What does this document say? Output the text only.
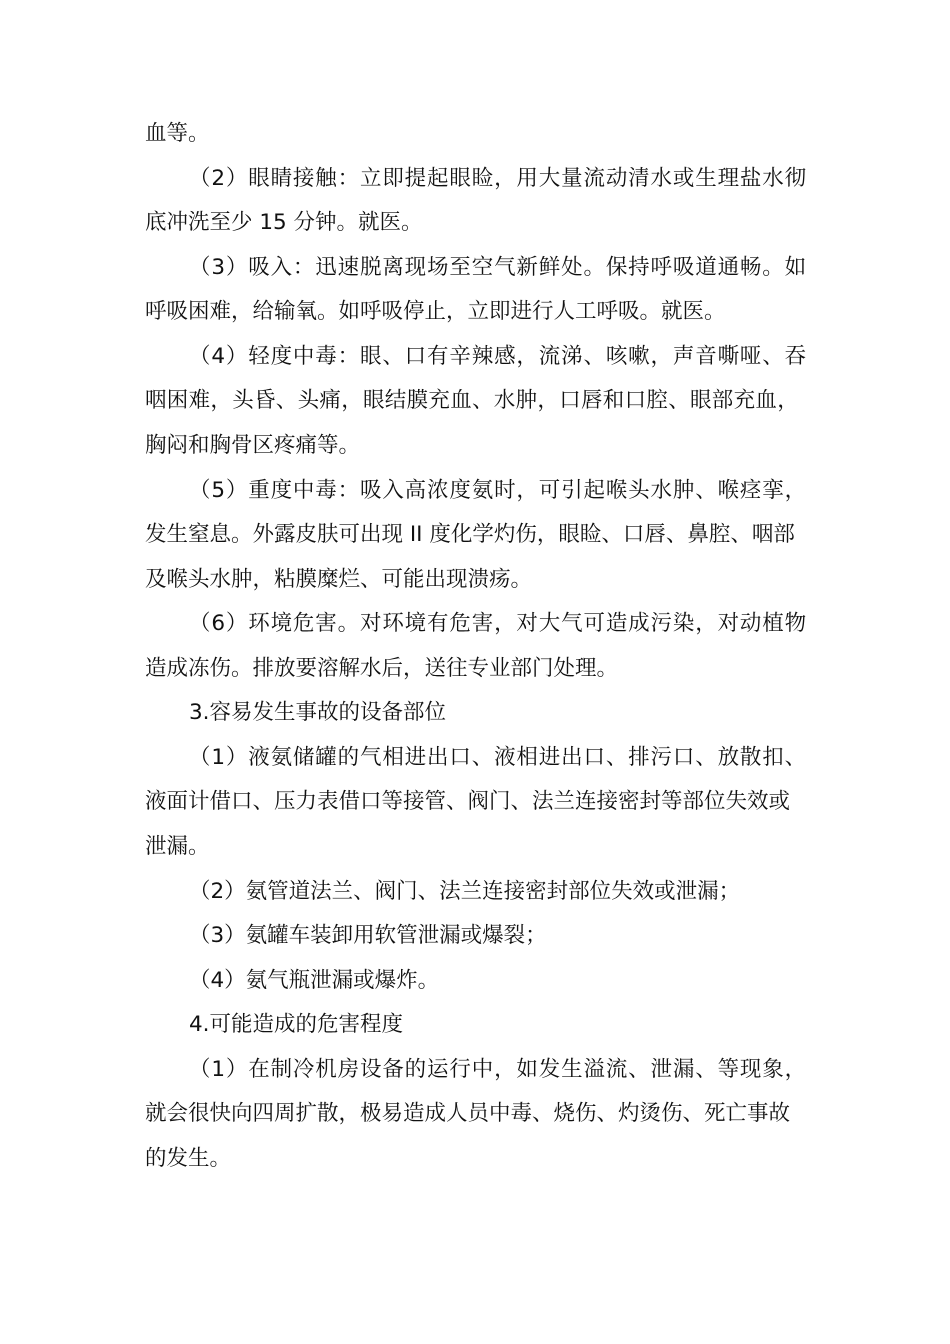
血等。
（2）眼睛接触：立即提起眼睑，用大量流动清水或生理盐水彻
底冲洗至少 15 分钟。就医。
（3）吸入：迅速脱离现场至空气新鲜处。保持呼吸道通畅。如
呼吸困难，给输氧。如呼吸停止，立即进行人工呼吸。就医。
（4）轻度中毒：眼、口有辛辣感，流涕、咳嗽，声音嘶哑、吞
咽困难，头昏、头痛，眼结膜充血、水肿，口唇和口腔、眼部充血，
胸闷和胸骨区疼痛等。
（5）重度中毒：吸入高浓度氨时，可引起喉头水肿、喉痉挛，
发生窒息。外露皮肤可出现 II 度化学灼伤，眼睑、口唇、鼻腔、咽部
及喉头水肿，粘膜糜烂、可能出现溃疡。
（6）环境危害。对环境有危害，对大气可造成污染，对动植物
造成冻伤。排放要溶解水后，送往专业部门处理。
3.容易发生事故的设备部位
（1）液氨储罐的气相进出口、液相进出口、排污口、放散扣、
液面计借口、压力表借口等接管、阀门、法兰连接密封等部位失效或
泄漏。
（2）氨管道法兰、阀门、法兰连接密封部位失效或泄漏；
（3）氨罐车装卸用软管泄漏或爆裂；
（4）氨气瓶泄漏或爆炸。
4.可能造成的危害程度
（1）在制冷机房设备的运行中，如发生溢流、泄漏、等现象，
就会很快向四周扩散，极易造成人员中毒、烧伤、灼烫伤、死亡事故
的发生。
